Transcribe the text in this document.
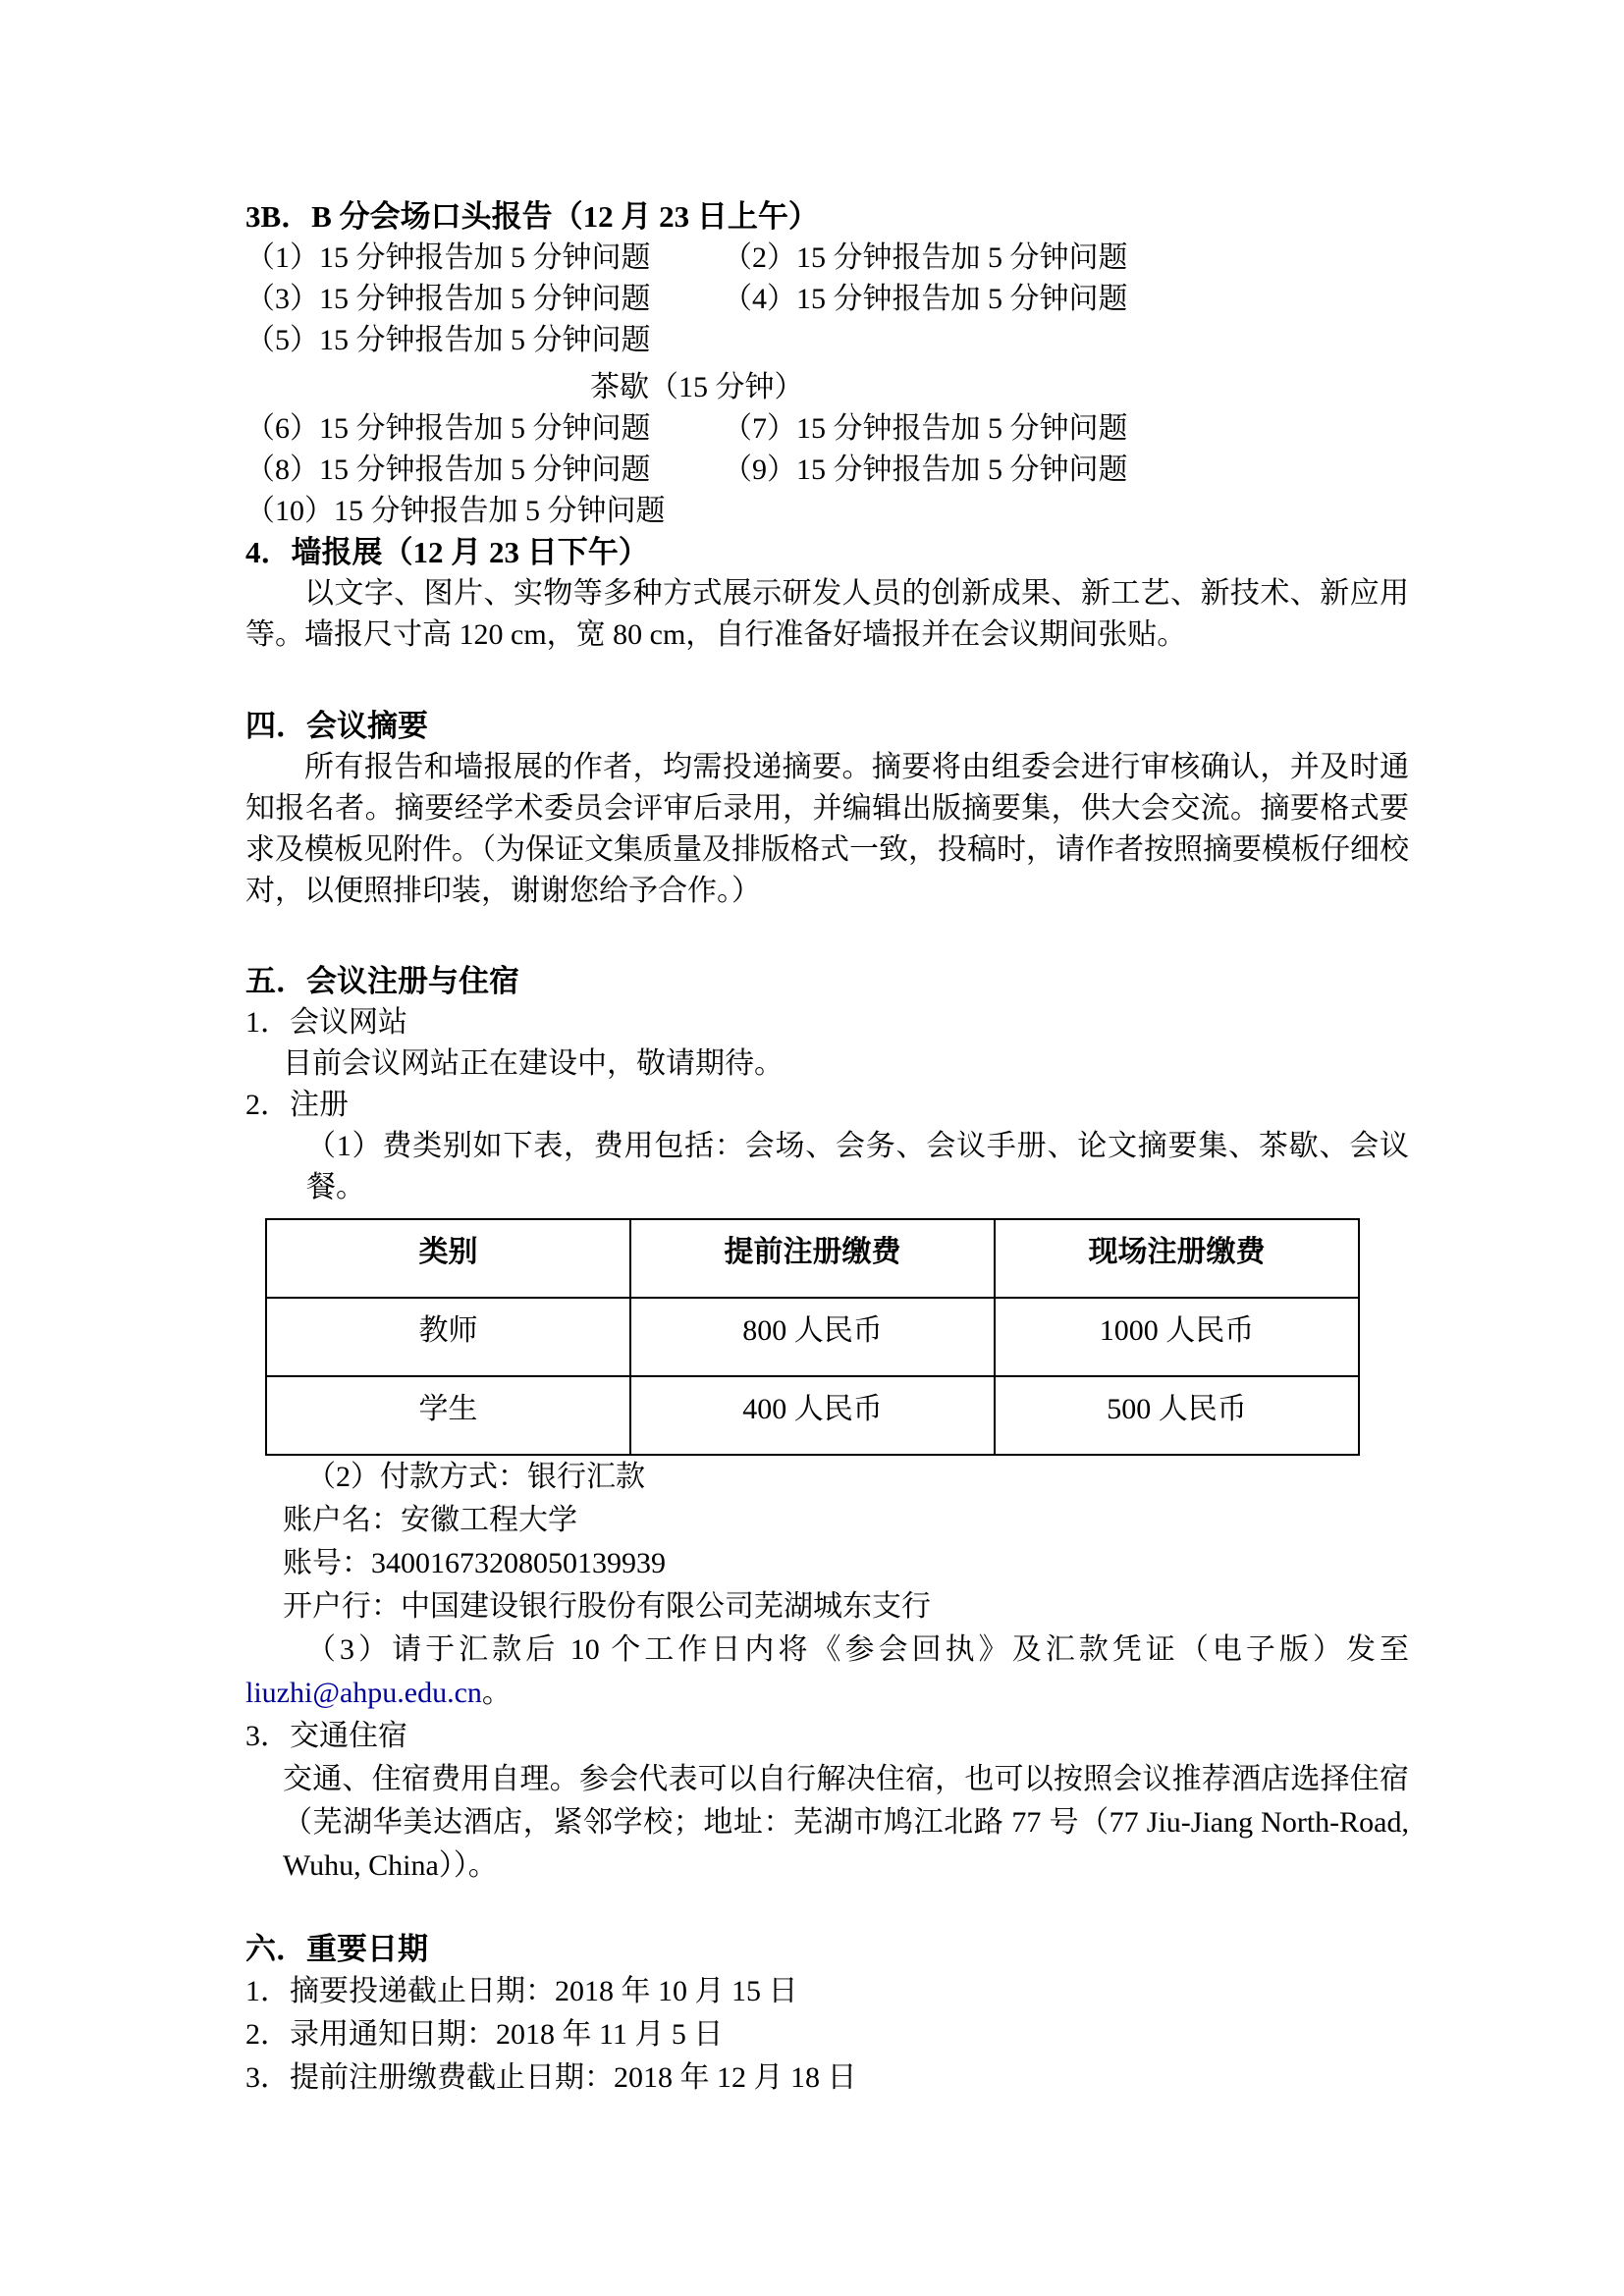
3B．B 分会场口头报告（12 月 23 日上午）
（1）15 分钟报告加 5 分钟问题	（2）15 分钟报告加 5 分钟问题
（3）15 分钟报告加 5 分钟问题	（4）15 分钟报告加 5 分钟问题
（5）15 分钟报告加 5 分钟问题
茶歇（15 分钟）
（6）15 分钟报告加 5 分钟问题	（7）15 分钟报告加 5 分钟问题
（8）15 分钟报告加 5 分钟问题	（9）15 分钟报告加 5 分钟问题
（10）15 分钟报告加 5 分钟问题
4．墙报展（12 月 23 日下午）
以文字、图片、实物等多种方式展示研发人员的创新成果、新工艺、新技术、新应用等。墙报尺寸高 120 cm，宽 80 cm，自行准备好墙报并在会议期间张贴。
四．会议摘要
所有报告和墙报展的作者，均需投递摘要。摘要将由组委会进行审核确认，并及时通知报名者。摘要经学术委员会评审后录用，并编辑出版摘要集，供大会交流。摘要格式要求及模板见附件。（为保证文集质量及排版格式一致，投稿时，请作者按照摘要模板仔细校对，以便照排印装，谢谢您给予合作。）
五．会议注册与住宿
1．会议网站
目前会议网站正在建设中，敬请期待。
2．注册
（1）费类别如下表，费用包括：会场、会务、会议手册、论文摘要集、茶歇、会议餐。
类别	提前注册缴费	现场注册缴费
教师	800 人民币	1000 人民币
学生	400 人民币	500 人民币
（2）付款方式：银行汇款
账户名：安徽工程大学
账号：34001673208050139939
开户行：中国建设银行股份有限公司芜湖城东支行
（3）请于汇款后 10 个工作日内将《参会回执》及汇款凭证（电子版）发至
liuzhi@ahpu.edu.cn。
3．交通住宿
交通、住宿费用自理。参会代表可以自行解决住宿，也可以按照会议推荐酒店选择住宿（芜湖华美达酒店，紧邻学校；地址：芜湖市鸠江北路 77 号（77 Jiu-Jiang North-Road, Wuhu, China））。
六．重要日期
1．摘要投递截止日期：2018 年 10 月 15 日
2．录用通知日期：2018 年 11 月 5 日
3．提前注册缴费截止日期：2018 年 12 月 18 日
